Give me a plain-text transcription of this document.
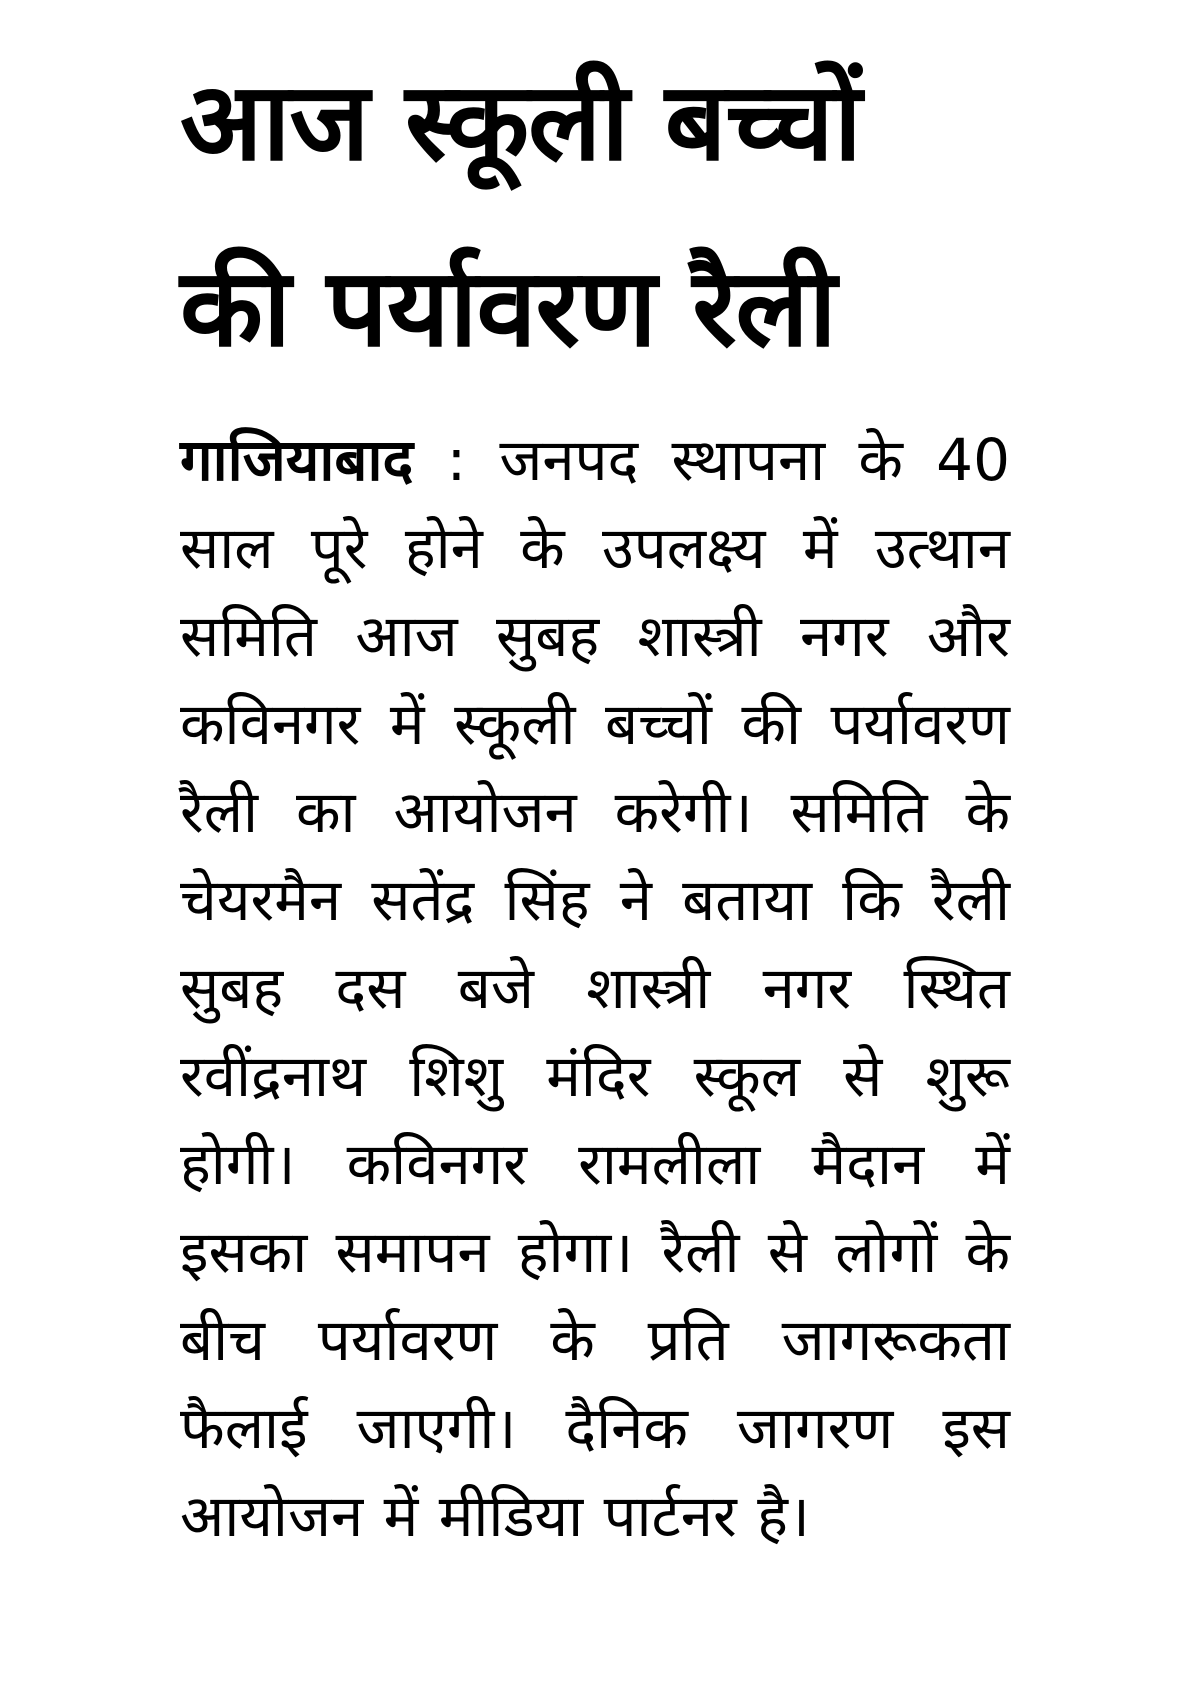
आज स्कूली बच्चों
की पर्यावरण रैली

गाजियाबाद : जनपद स्थापना के 40 साल पूरे होने के उपलक्ष्य में उत्थान समिति आज सुबह शास्त्री नगर और कविनगर में स्कूली बच्चों की पर्यावरण रैली का आयोजन करेगी। समिति के चेयरमैन सतेंद्र सिंह ने बताया कि रैली सुबह दस बजे शास्त्री नगर स्थित रवींद्रनाथ शिशु मंदिर स्कूल से शुरू होगी। कविनगर रामलीला मैदान में इसका समापन होगा। रैली से लोगों के बीच पर्यावरण के प्रति जागरूकता फैलाई जाएगी। दैनिक जागरण इस आयोजन में मीडिया पार्टनर है।
